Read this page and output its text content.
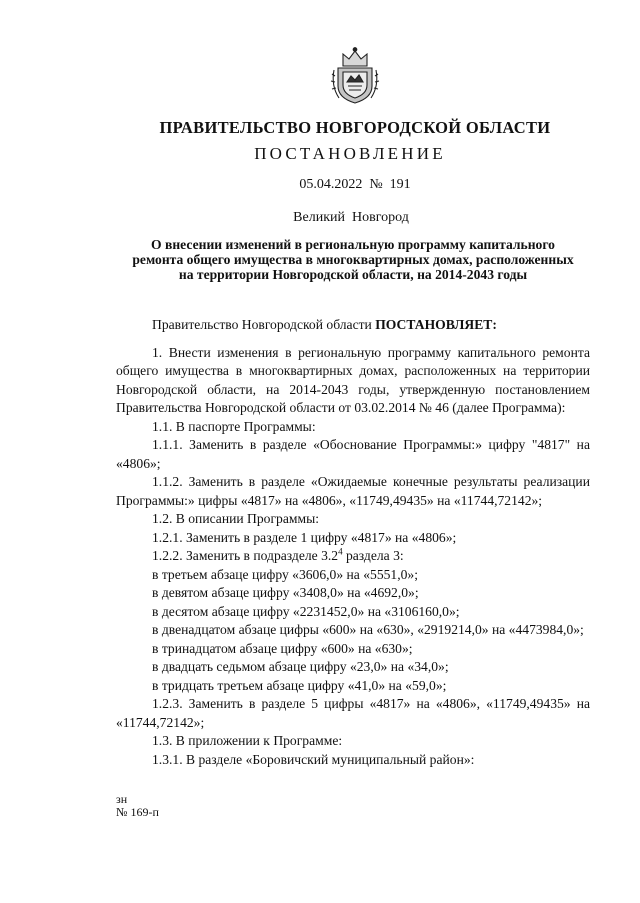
ПРАВИТЕЛЬСТВО НОВГОРОДСКОЙ ОБЛАСТИ
ПОСТАНОВЛЕНИЕ
05.04.2022  №  191
Великий  Новгород
О внесении изменений в региональную программу капитального
ремонта общего имущества в многоквартирных домах, расположенных
на территории Новгородской области, на 2014-2043 годы
Правительство Новгородской области ПОСТАНОВЛЯЕТ:
1. Внести изменения в региональную программу капитального ремонта
общего имущества в многоквартирных домах, расположенных на территории
Новгородской области, на 2014-2043 годы, утвержденную постановлением
Правительства Новгородской области от 03.02.2014 № 46 (далее Программа):
1.1. В паспорте Программы:
1.1.1. Заменить в разделе «Обоснование Программы:» цифру "4817" на
«4806»;
1.1.2. Заменить в разделе «Ожидаемые конечные результаты реализации
Программы:» цифры «4817» на «4806», «11749,49435» на «11744,72142»;
1.2. В описании Программы:
1.2.1. Заменить в разделе 1 цифру «4817» на «4806»;
1.2.2. Заменить в подразделе $3.2^4$ раздела 3:
в третьем абзаце цифру «3606,0» на «5551,0»;
в девятом абзаце цифру «3408,0» на «4692,0»;
в десятом абзаце цифру «2231452,0» на «3106160,0»;
в двенадцатом абзаце цифры «600» на «630», «2919214,0» на «4473984,0»;
в тринадцатом абзаце цифру «600» на «630»;
в двадцать седьмом абзаце цифру «23,0» на «34,0»;
в тридцать третьем абзаце цифру «41,0» на «59,0»;
1.2.3. Заменить в разделе 5 цифры «4817» на «4806», «11749,49435» на
«11744,72142»;
1.3. В приложении к Программе:
1.3.1. В разделе «Боровичский муниципальный район»:
зн
№ 169-п
